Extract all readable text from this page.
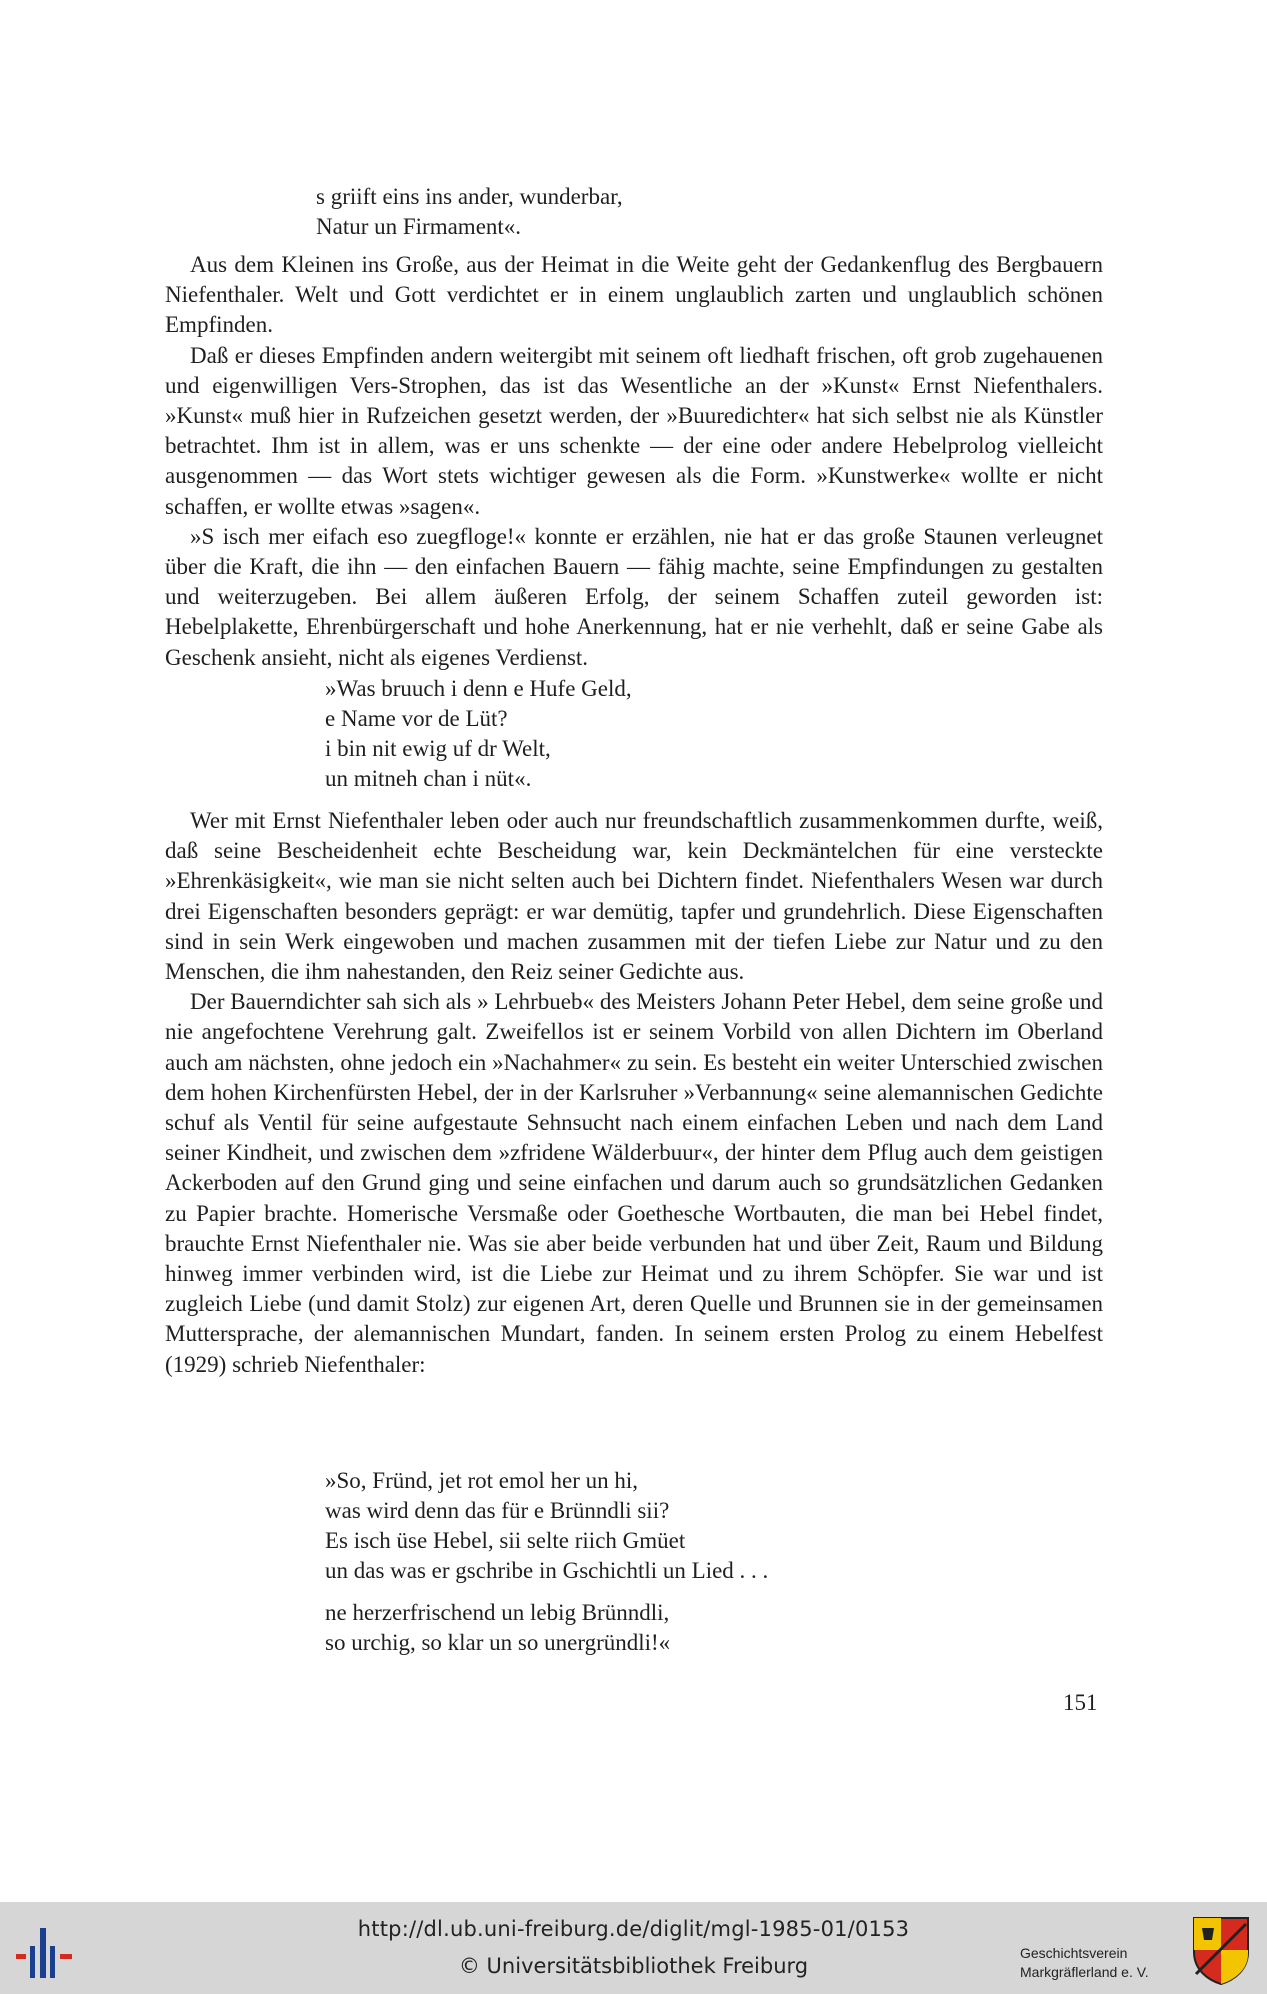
s griift eins ins ander, wunderbar,
Natur un Firmament«.
Aus dem Kleinen ins Große, aus der Heimat in die Weite geht der Gedankenflug des Bergbauern Niefenthaler. Welt und Gott verdichtet er in einem unglaublich zarten und unglaublich schönen Empfinden.
Daß er dieses Empfinden andern weitergibt mit seinem oft liedhaft frischen, oft grob zugehauenen und eigenwilligen Vers-Strophen, das ist das Wesentliche an der »Kunst« Ernst Niefenthalers. »Kunst« muß hier in Rufzeichen gesetzt werden, der »Buuredichter« hat sich selbst nie als Künstler betrachtet. Ihm ist in allem, was er uns schenkte — der eine oder andere Hebelprolog vielleicht ausgenommen — das Wort stets wichtiger gewesen als die Form. »Kunstwerke« wollte er nicht schaffen, er wollte etwas »sagen«.
»S isch mer eifach eso zuegfloge!« konnte er erzählen, nie hat er das große Staunen verleugnet über die Kraft, die ihn — den einfachen Bauern — fähig machte, seine Empfindungen zu gestalten und weiterzugeben. Bei allem äußeren Erfolg, der seinem Schaffen zuteil geworden ist: Hebelplakette, Ehrenbürgerschaft und hohe Anerkennung, hat er nie verhehlt, daß er seine Gabe als Geschenk ansieht, nicht als eigenes Verdienst.
»Was bruuch i denn e Hufe Geld,
e Name vor de Lüt?
i bin nit ewig uf dr Welt,
un mitneh chan i nüt«.
Wer mit Ernst Niefenthaler leben oder auch nur freundschaftlich zusammenkommen durfte, weiß, daß seine Bescheidenheit echte Bescheidung war, kein Deckmäntelchen für eine versteckte »Ehrenkäsigkeit«, wie man sie nicht selten auch bei Dichtern findet. Niefenthalers Wesen war durch drei Eigenschaften besonders geprägt: er war demütig, tapfer und grundehrlich. Diese Eigenschaften sind in sein Werk eingewoben und machen zusammen mit der tiefen Liebe zur Natur und zu den Menschen, die ihm nahestanden, den Reiz seiner Gedichte aus.
Der Bauerndichter sah sich als » Lehrbueb« des Meisters Johann Peter Hebel, dem seine große und nie angefochtene Verehrung galt. Zweifellos ist er seinem Vorbild von allen Dichtern im Oberland auch am nächsten, ohne jedoch ein »Nachahmer« zu sein. Es besteht ein weiter Unterschied zwischen dem hohen Kirchenfürsten Hebel, der in der Karlsruher »Verbannung« seine alemannischen Gedichte schuf als Ventil für seine aufgestaute Sehnsucht nach einem einfachen Leben und nach dem Land seiner Kindheit, und zwischen dem »zfridene Wälderbuur«, der hinter dem Pflug auch dem geistigen Ackerboden auf den Grund ging und seine einfachen und darum auch so grundsätzlichen Gedanken zu Papier brachte. Homerische Versmaße oder Goethesche Wortbauten, die man bei Hebel findet, brauchte Ernst Niefenthaler nie. Was sie aber beide verbunden hat und über Zeit, Raum und Bildung hinweg immer verbinden wird, ist die Liebe zur Heimat und zu ihrem Schöpfer. Sie war und ist zugleich Liebe (und damit Stolz) zur eigenen Art, deren Quelle und Brunnen sie in der gemeinsamen Muttersprache, der alemannischen Mundart, fanden. In seinem ersten Prolog zu einem Hebelfest (1929) schrieb Niefenthaler:
»So, Fründ, jet rot emol her un hi,
was wird denn das für e Brünndli sii?
Es isch üse Hebel, sii selte riich Gmüet
un das was er gschribe in Gschichtli un Lied . . .
ne herzerfrischend un lebig Brünndli,
so urchig, so klar un so unergründli!«
151
http://dl.ub.uni-freiburg.de/diglit/mgl-1985-01/0153
© Universitätsbibliothek Freiburg
Geschichtsverein
Markgräflerland e. V.
